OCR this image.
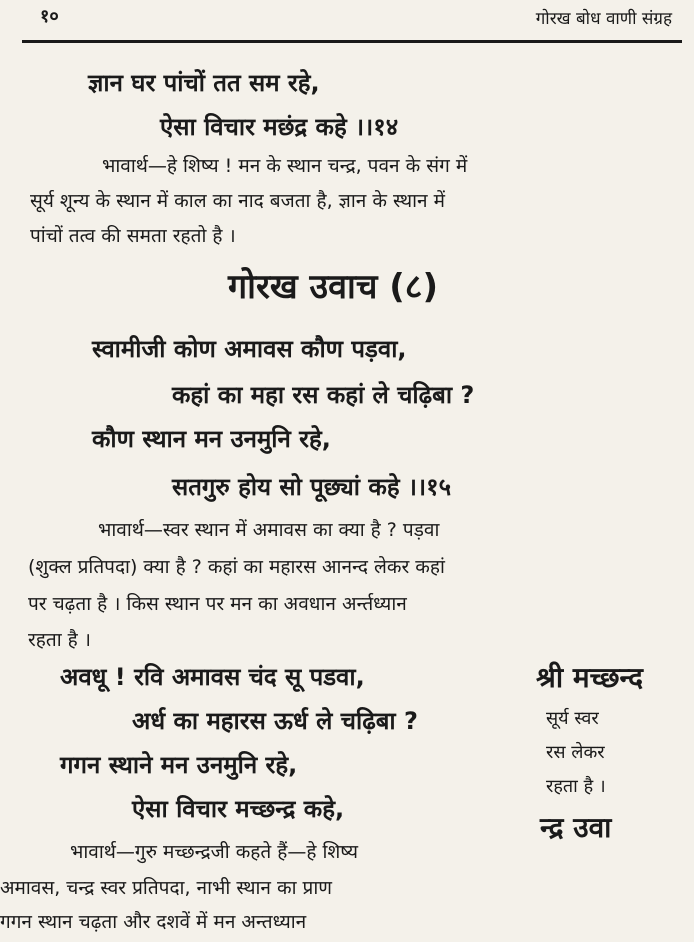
१०	गोरख बोध वाणी संग्रह
ज्ञान घर पांचों तत सम रहे,
ऐसा विचार मछंद्र कहे ।।१४
भावार्थ—हे शिष्य ! मन के स्थान चन्द्र, पवन के संग में
सूर्य शून्य के स्थान में काल का नाद बजता है, ज्ञान के स्थान में
पांचों तत्व की समता रहतो है ।
गोरख उवाच (८)
स्वामीजी कोण अमावस कौण पड़वा,
कहां का महा रस कहां ले चढ़िबा ?
कौण स्थान मन उनमुनि रहे,
सतगुरु होय सो पूछ्यां कहे ।।१५
भावार्थ—स्वर स्थान में अमावस का क्या है ? पड़वा
(शुक्ल प्रतिपदा) क्या है ? कहां का महारस आनन्द लेकर कहां
पर चढ़ता है । किस स्थान पर मन का अवधान अर्न्तध्यान
रहता है ।
अवधू ! रवि अमावस चंद सू पडवा,
अर्ध का महारस ऊर्ध ले चढ़िबा ?
गगन स्थाने मन उनमुनि रहे,
ऐसा विचार मच्छन्द्र कहे,
श्री मच्छन्द
सूर्य स्वर
रस लेकर
रहता है ।
न्द्र उवा
भावार्थ—गुरु मच्छन्द्रजी कहते हैं—हे शिष्य
अमावस, चन्द्र स्वर प्रतिपदा, नाभी स्थान का प्राण
गगन स्थान चढ़ता और दशवें में मन अन्तध्यान
